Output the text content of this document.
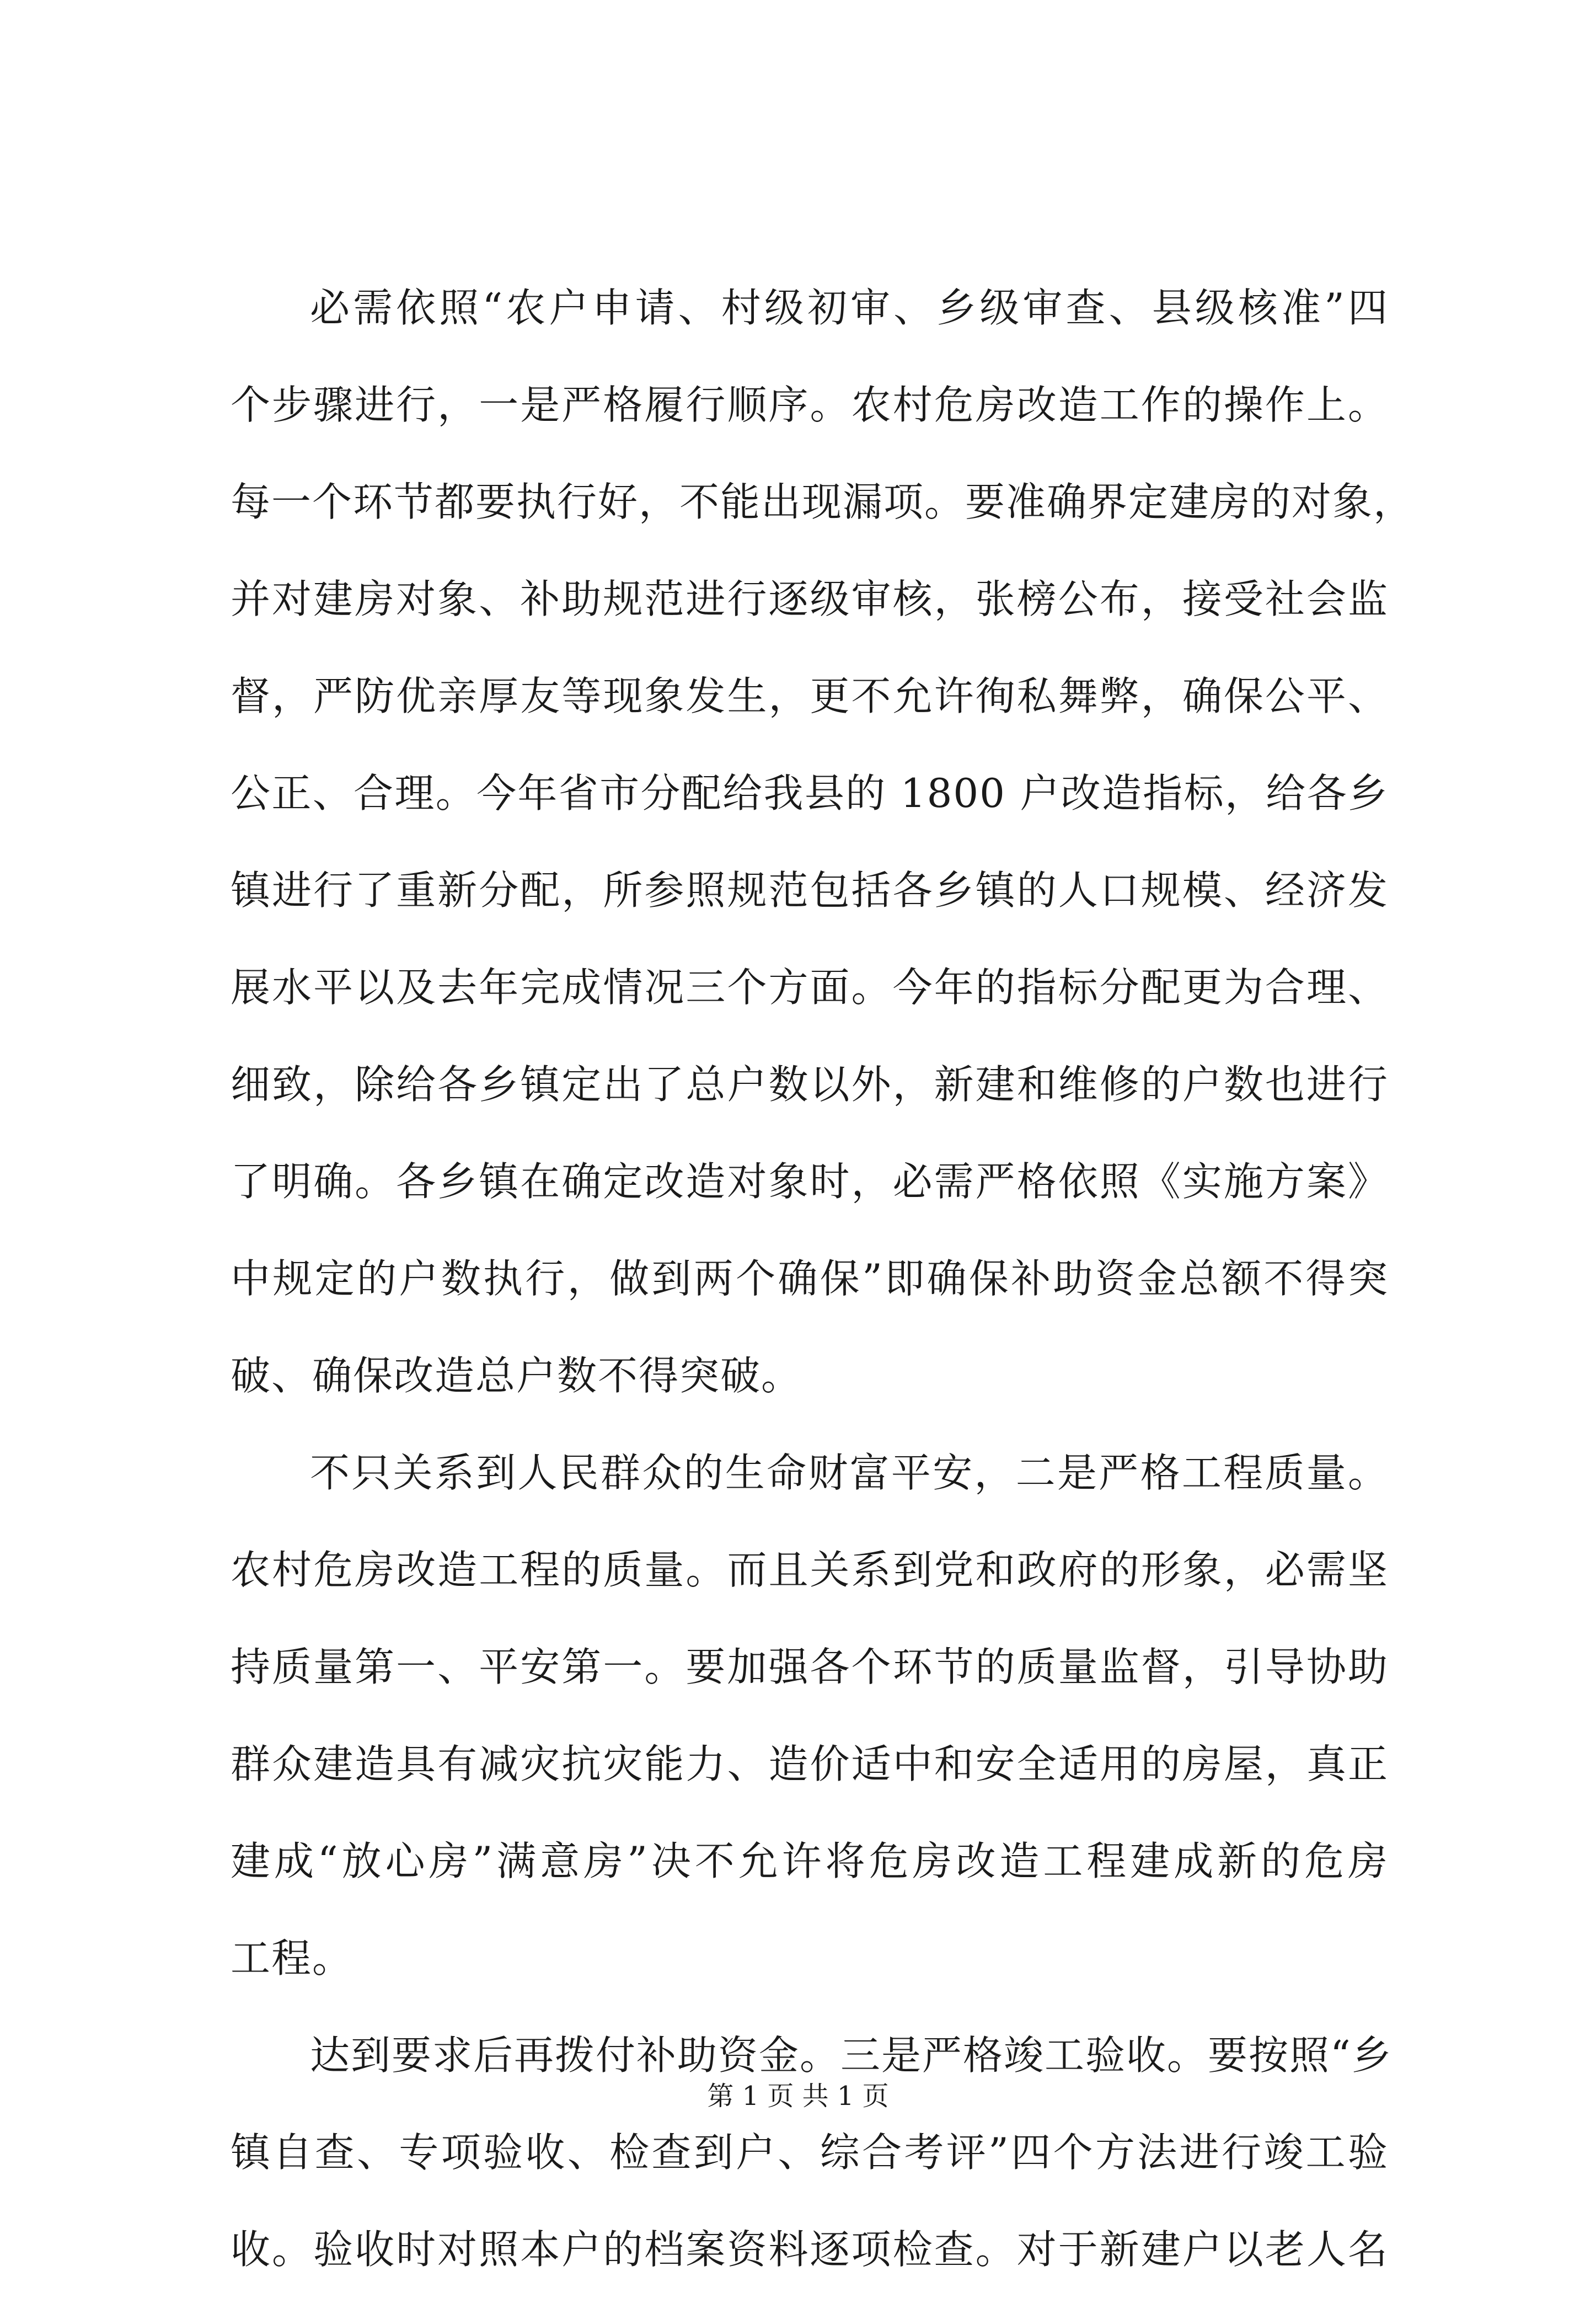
必需依照“农户申请、村级初审、乡级审查、县级核准”四
个步骤进行，一是严格履行顺序。农村危房改造工作的操作上。
每一个环节都要执行好，不能出现漏项。要准确界定建房的对象，
并对建房对象、补助规范进行逐级审核，张榜公布，接受社会监
督，严防优亲厚友等现象发生，更不允许徇私舞弊，确保公平、
公正、合理。今年省市分配给我县的 1800 户改造指标，给各乡
镇进行了重新分配，所参照规范包括各乡镇的人口规模、经济发
展水平以及去年完成情况三个方面。今年的指标分配更为合理、
细致，除给各乡镇定出了总户数以外，新建和维修的户数也进行
了明确。各乡镇在确定改造对象时，必需严格依照《实施方案》
中规定的户数执行，做到两个确保”即确保补助资金总额不得突
破、确保改造总户数不得突破。
不只关系到人民群众的生命财富平安，二是严格工程质量。
农村危房改造工程的质量。而且关系到党和政府的形象，必需坚
持质量第一、平安第一。要加强各个环节的质量监督，引导协助
群众建造具有减灾抗灾能力、造价适中和安全适用的房屋，真正
建成“放心房”满意房”决不允许将危房改造工程建成新的危房
工程。
达到要求后再拨付补助资金。三是严格竣工验收。要按照“乡
镇自查、专项验收、检查到户、综合考评”四个方法进行竣工验
收。验收时对照本户的档案资料逐项检查。对于新建户以老人名
第 1 页 共 1 页
